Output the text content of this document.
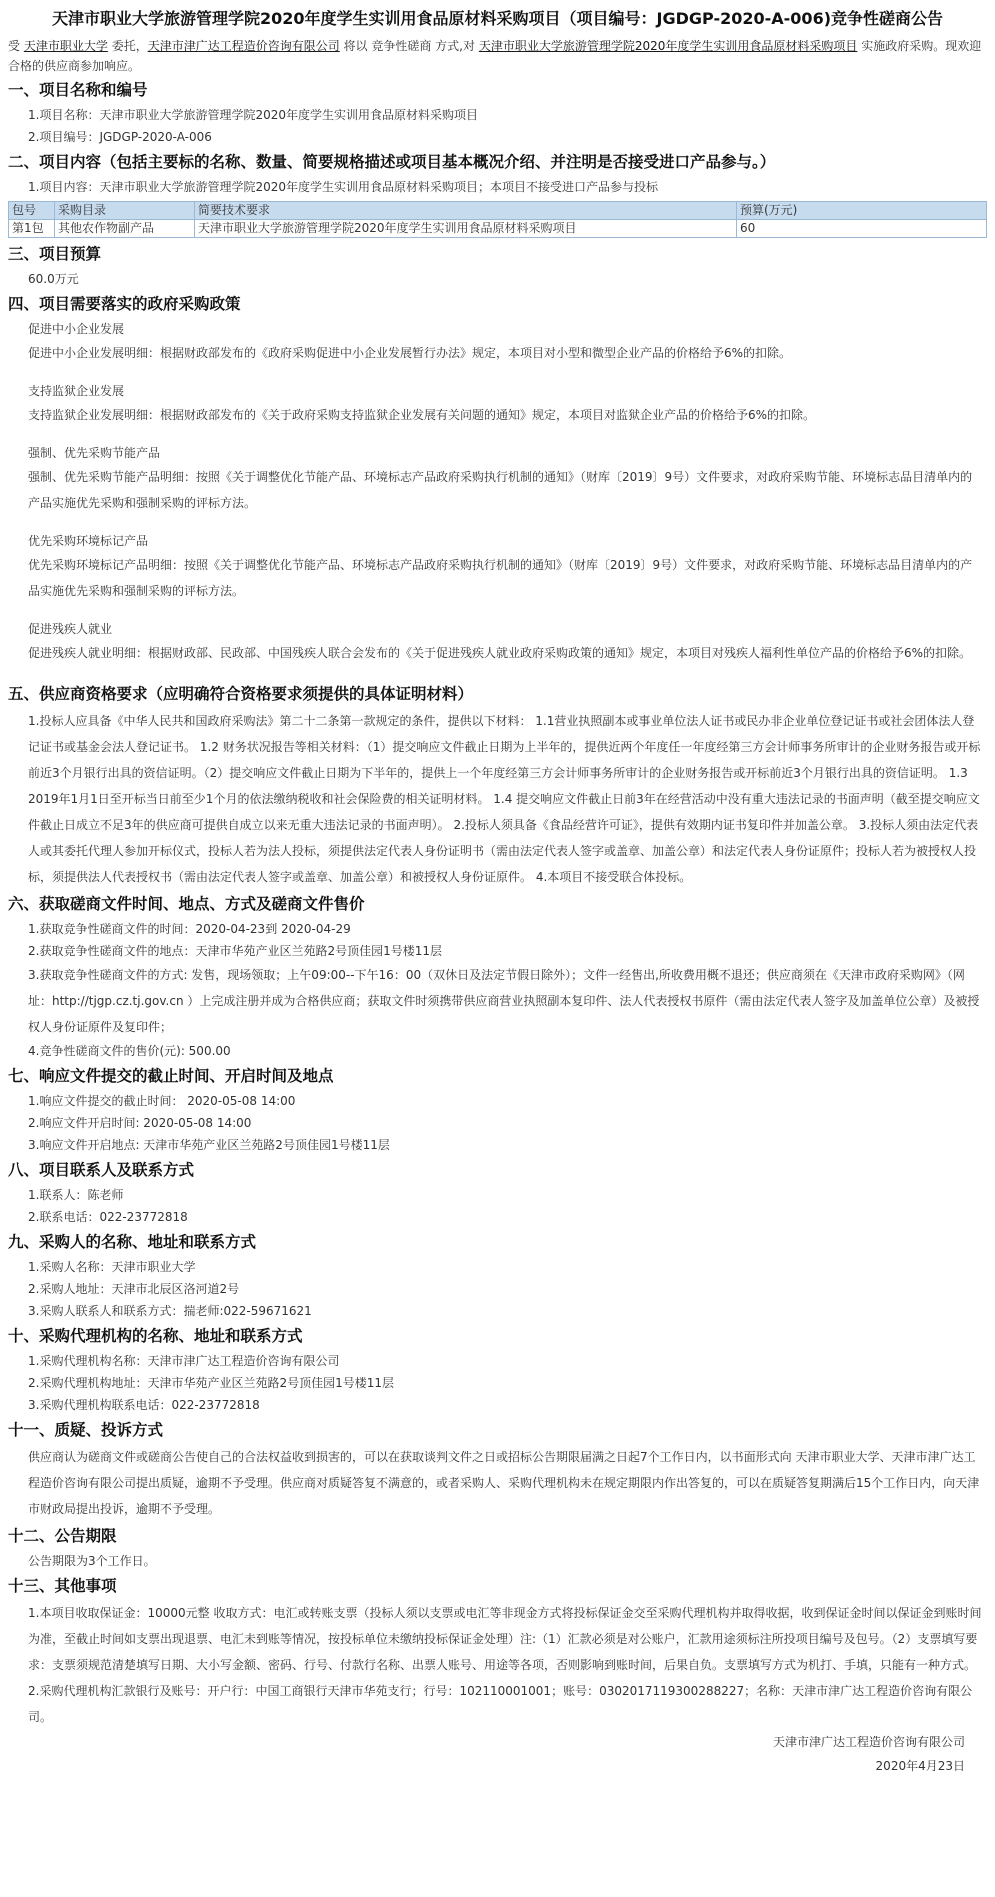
天津市职业大学旅游管理学院2020年度学生实训用食品原材料采购项目（项目编号：JGDGP-2020-A-006)竞争性磋商公告
受 天津市职业大学 委托，天津市津广达工程造价咨询有限公司 将以 竞争性磋商 方式,对 天津市职业大学旅游管理学院2020年度学生实训用食品原材料采购项目 实施政府采购。现欢迎合格的供应商参加响应。
一、项目名称和编号
1.项目名称：天津市职业大学旅游管理学院2020年度学生实训用食品原材料采购项目
2.项目编号：JGDGP-2020-A-006
二、项目内容（包括主要标的名称、数量、简要规格描述或项目基本概况介绍、并注明是否接受进口产品参与。）
1.项目内容：天津市职业大学旅游管理学院2020年度学生实训用食品原材料采购项目；本项目不接受进口产品参与投标
包号	采购目录	简要技术要求	预算(万元)
第1包	其他农作物副产品	天津市职业大学旅游管理学院2020年度学生实训用食品原材料采购项目	60
三、项目预算
60.0万元
四、项目需要落实的政府采购政策
促进中小企业发展
促进中小企业发展明细：根据财政部发布的《政府采购促进中小企业发展暂行办法》规定，本项目对小型和微型企业产品的价格给予6%的扣除。
支持监狱企业发展
支持监狱企业发展明细：根据财政部发布的《关于政府采购支持监狱企业发展有关问题的通知》规定，本项目对监狱企业产品的价格给予6%的扣除。
强制、优先采购节能产品
强制、优先采购节能产品明细：按照《关于调整优化节能产品、环境标志产品政府采购执行机制的通知》（财库〔2019〕9号）文件要求，对政府采购节能、环境标志品目清单内的产品实施优先采购和强制采购的评标方法。
优先采购环境标记产品
优先采购环境标记产品明细：按照《关于调整优化节能产品、环境标志产品政府采购执行机制的通知》（财库〔2019〕9号）文件要求，对政府采购节能、环境标志品目清单内的产品实施优先采购和强制采购的评标方法。
促进残疾人就业
促进残疾人就业明细：根据财政部、民政部、中国残疾人联合会发布的《关于促进残疾人就业政府采购政策的通知》规定，本项目对残疾人福利性单位产品的价格给予6%的扣除。
五、供应商资格要求（应明确符合资格要求须提供的具体证明材料）
1.投标人应具备《中华人民共和国政府采购法》第二十二条第一款规定的条件，提供以下材料： 1.1营业执照副本或事业单位法人证书或民办非企业单位登记证书或社会团体法人登记证书或基金会法人登记证书。 1.2 财务状况报告等相关材料：（1）提交响应文件截止日期为上半年的，提供近两个年度任一年度经第三方会计师事务所审计的企业财务报告或开标前近3个月银行出具的资信证明。（2）提交响应文件截止日期为下半年的，提供上一个年度经第三方会计师事务所审计的企业财务报告或开标前近3个月银行出具的资信证明。 1.3 2019年1月1日至开标当日前至少1个月的依法缴纳税收和社会保险费的相关证明材料。 1.4 提交响应文件截止日前3年在经营活动中没有重大违法记录的书面声明（截至提交响应文件截止日成立不足3年的供应商可提供自成立以来无重大违法记录的书面声明）。 2.投标人须具备《食品经营许可证》，提供有效期内证书复印件并加盖公章。 3.投标人须由法定代表人或其委托代理人参加开标仪式，投标人若为法人投标，须提供法定代表人身份证明书（需由法定代表人签字或盖章、加盖公章）和法定代表人身份证原件；投标人若为被授权人投标，须提供法人代表授权书（需由法定代表人签字或盖章、加盖公章）和被授权人身份证原件。 4.本项目不接受联合体投标。
六、获取磋商文件时间、地点、方式及磋商文件售价
1.获取竞争性磋商文件的时间：2020-04-23到 2020-04-29
2.获取竞争性磋商文件的地点：天津市华苑产业区兰苑路2号顶佳园1号楼11层
3.获取竞争性磋商文件的方式: 发售，现场领取；上午09:00--下午16：00（双休日及法定节假日除外）；文件一经售出,所收费用概不退还；供应商须在《天津市政府采购网》（网址：http://tjgp.cz.tj.gov.cn ）上完成注册并成为合格供应商；获取文件时须携带供应商营业执照副本复印件、法人代表授权书原件（需由法定代表人签字及加盖单位公章）及被授权人身份证原件及复印件；
4.竞争性磋商文件的售价(元): 500.00
七、响应文件提交的截止时间、开启时间及地点
1.响应文件提交的截止时间： 2020-05-08 14:00
2.响应文件开启时间: 2020-05-08 14:00
3.响应文件开启地点: 天津市华苑产业区兰苑路2号顶佳园1号楼11层
八、项目联系人及联系方式
1.联系人：陈老师
2.联系电话：022-23772818
九、采购人的名称、地址和联系方式
1.采购人名称：天津市职业大学
2.采购人地址：天津市北辰区洛河道2号
3.采购人联系人和联系方式：揣老师:022-59671621
十、采购代理机构的名称、地址和联系方式
1.采购代理机构名称：天津市津广达工程造价咨询有限公司
2.采购代理机构地址：天津市华苑产业区兰苑路2号顶佳园1号楼11层
3.采购代理机构联系电话：022-23772818
十一、质疑、投诉方式
供应商认为磋商文件或磋商公告使自己的合法权益收到损害的，可以在获取谈判文件之日或招标公告期限届满之日起7个工作日内，以书面形式向 天津市职业大学、天津市津广达工程造价咨询有限公司提出质疑，逾期不予受理。供应商对质疑答复不满意的，或者采购人、采购代理机构未在规定期限内作出答复的，可以在质疑答复期满后15个工作日内，向天津市财政局提出投诉，逾期不予受理。
十二、公告期限
公告期限为3个工作日。
十三、其他事项
1.本项目收取保证金：10000元整 收取方式：电汇或转账支票（投标人须以支票或电汇等非现金方式将投标保证金交至采购代理机构并取得收据，收到保证金时间以保证金到账时间为准，至截止时间如支票出现退票、电汇未到账等情况，按投标单位未缴纳投标保证金处理）注:（1）汇款必须是对公账户，汇款用途须标注所投项目编号及包号。（2）支票填写要求：支票须规范清楚填写日期、大小写金额、密码、行号、付款行名称、出票人账号、用途等各项，否则影响到账时间，后果自负。支票填写方式为机打、手填，只能有一种方式。2.采购代理机构汇款银行及账号：开户行：中国工商银行天津市华苑支行；行号：102110001001；账号：0302017119300288227；名称：天津市津广达工程造价咨询有限公司。
天津市津广达工程造价咨询有限公司
2020年4月23日
